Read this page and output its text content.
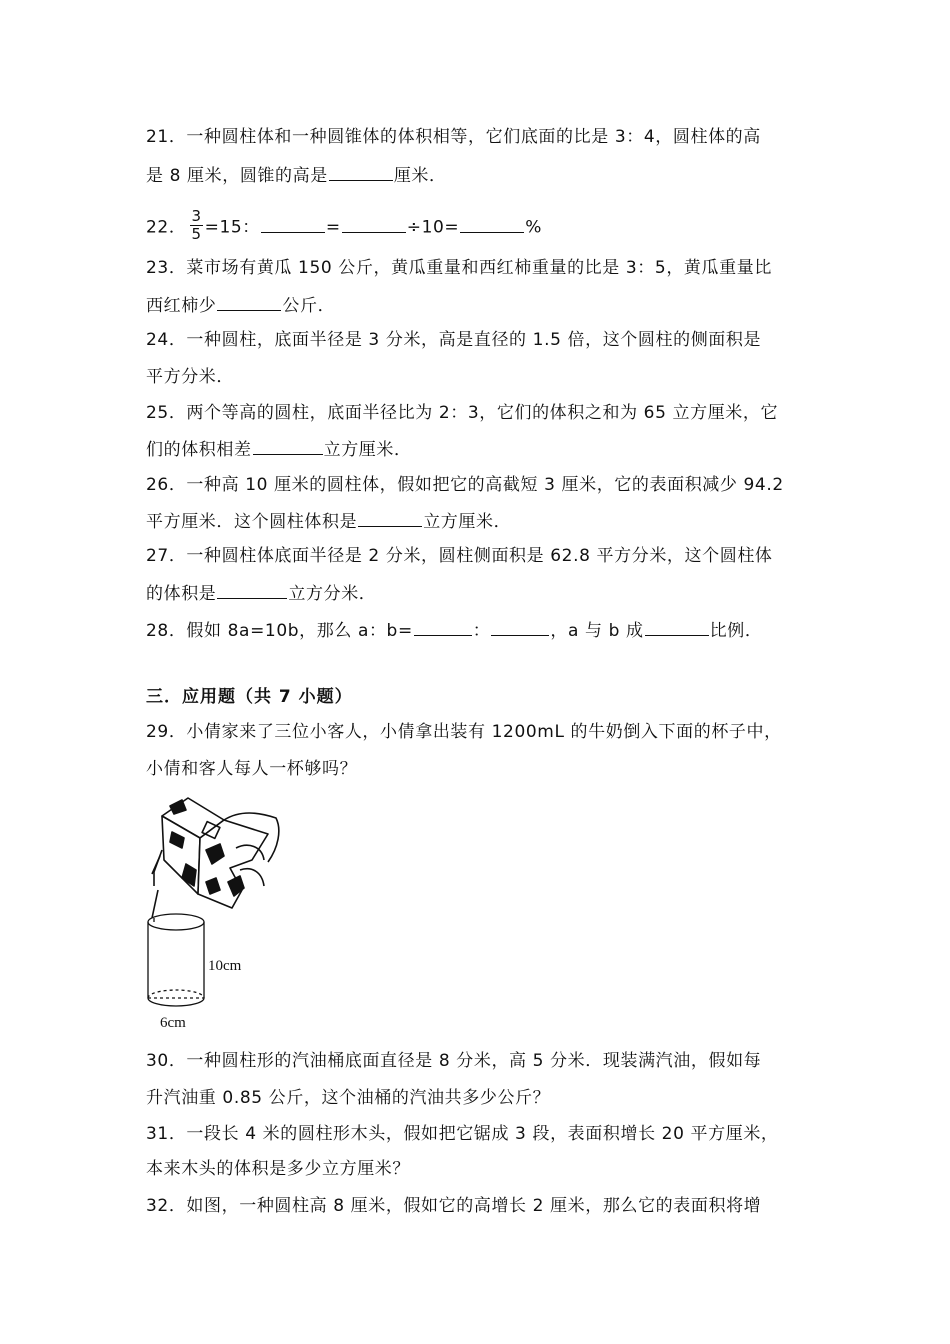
21．一种圆柱体和一种圆锥体的体积相等，它们底面的比是 3：4，圆柱体的高
是 8 厘米，圆锥的高是	厘米．
22． $\frac{3}{5} =15$：	=	÷10=	%
23．菜市场有黄瓜 150 公斤，黄瓜重量和西红柿重量的比是 3：5，黄瓜重量比
西红柿少	公斤．
24．一种圆柱，底面半径是 3 分米，高是直径的 1.5 倍，这个圆柱的侧面积是
平方分米．
25．两个等高的圆柱，底面半径比为 2：3，它们的体积之和为 65 立方厘米，它
们的体积相差	立方厘米．
26．一种高 10 厘米的圆柱体，假如把它的高截短 3 厘米，它的表面积减少 94.2
平方厘米．这个圆柱体积是	立方厘米．
27．一种圆柱体底面半径是 2 分米，圆柱侧面积是 62.8 平方分米，这个圆柱体
的体积是	立方分米．
28．假如 8a=10b，那么 a：b=	：	，a 与 b 成	比例．
三．应用题（共 7 小题）
29．小倩家来了三位小客人，小倩拿出装有 1200mL 的牛奶倒入下面的杯子中，
小倩和客人每人一杯够吗？
10cm
6cm
30．一种圆柱形的汽油桶底面直径是 8 分米，高 5 分米．现装满汽油，假如每
升汽油重 0.85 公斤，这个油桶的汽油共多少公斤？
31．一段长 4 米的圆柱形木头，假如把它锯成 3 段，表面积增长 20 平方厘米，
本来木头的体积是多少立方厘米？
32．如图，一种圆柱高 8 厘米，假如它的高增长 2 厘米，那么它的表面积将增
